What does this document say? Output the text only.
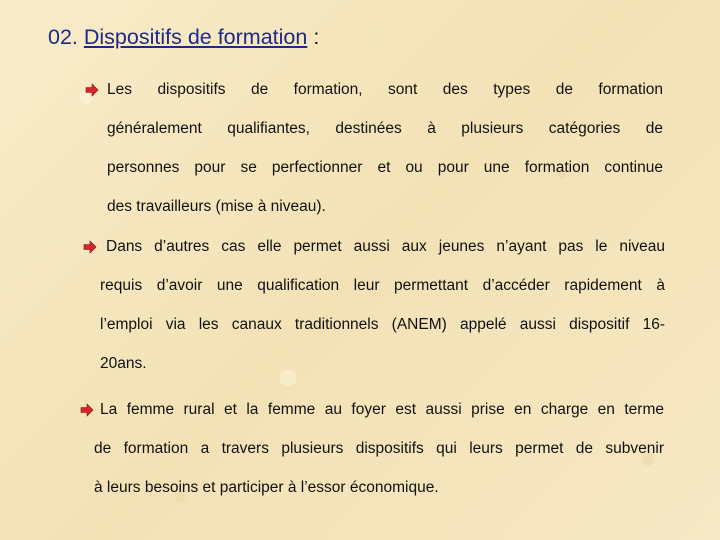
02. Dispositifs de formation :
Les dispositifs de formation, sont des types de formation
généralement qualifiantes, destinées à plusieurs catégories de
personnes pour se perfectionner et ou pour une formation continue
des travailleurs (mise à niveau).
Dans d’autres cas elle permet aussi aux jeunes n’ayant pas le niveau
requis d’avoir une qualification leur permettant d’accéder rapidement à
l’emploi via les canaux traditionnels (ANEM) appelé aussi dispositif 16-
20ans.
La femme rural et la femme au foyer est aussi prise en charge en terme
de formation a travers plusieurs dispositifs qui leurs permet de subvenir
à leurs besoins et participer à l’essor économique.
